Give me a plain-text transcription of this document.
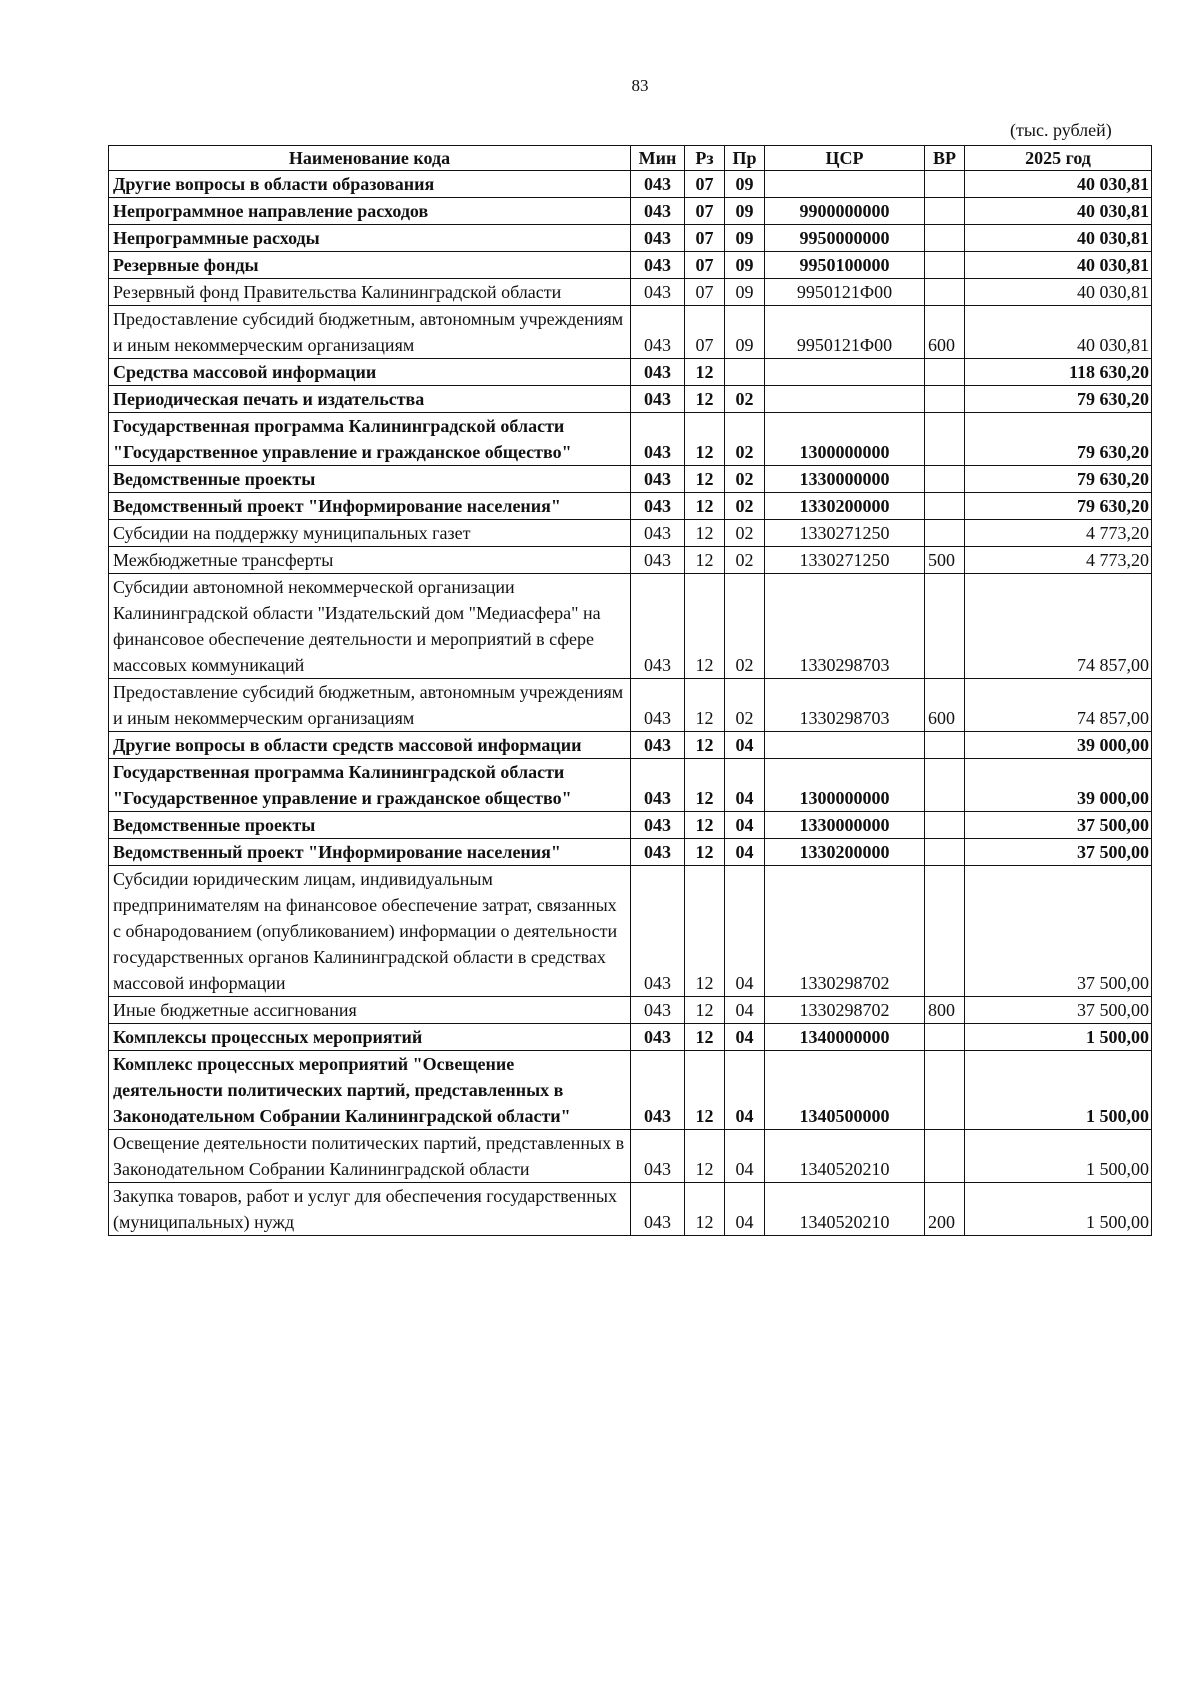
83
(тыс. рублей)
Наименование кода	Мин	Рз	Пр	ЦСР	ВР	2025 год
Другие вопросы в области образования	043	07	09			40 030,81
Непрограммное направление расходов	043	07	09	9900000000		40 030,81
Непрограммные расходы	043	07	09	9950000000		40 030,81
Резервные фонды	043	07	09	9950100000		40 030,81
Резервный фонд Правительства Калининградской области	043	07	09	9950121Ф00		40 030,81
Предоставление субсидий бюджетным, автономным учреждениям и иным некоммерческим организациям	043	07	09	9950121Ф00	600	40 030,81
Средства массовой информации	043	12				118 630,20
Периодическая печать и издательства	043	12	02			79 630,20
Государственная программа Калининградской области "Государственное управление и гражданское общество"	043	12	02	1300000000		79 630,20
Ведомственные проекты	043	12	02	1330000000		79 630,20
Ведомственный проект "Информирование населения"	043	12	02	1330200000		79 630,20
Субсидии на поддержку муниципальных газет	043	12	02	1330271250		4 773,20
Межбюджетные трансферты	043	12	02	1330271250	500	4 773,20
Субсидии автономной некоммерческой организации Калининградской области "Издательский дом "Медиасфера" на финансовое обеспечение деятельности и мероприятий в сфере массовых коммуникаций	043	12	02	1330298703		74 857,00
Предоставление субсидий бюджетным, автономным учреждениям и иным некоммерческим организациям	043	12	02	1330298703	600	74 857,00
Другие вопросы в области средств массовой информации	043	12	04			39 000,00
Государственная программа Калининградской области "Государственное управление и гражданское общество"	043	12	04	1300000000		39 000,00
Ведомственные проекты	043	12	04	1330000000		37 500,00
Ведомственный проект "Информирование населения"	043	12	04	1330200000		37 500,00
Субсидии юридическим лицам, индивидуальным предпринимателям на финансовое обеспечение затрат, связанных с обнародованием (опубликованием) информации о деятельности государственных органов Калининградской области в средствах массовой информации	043	12	04	1330298702		37 500,00
Иные бюджетные ассигнования	043	12	04	1330298702	800	37 500,00
Комплексы процессных мероприятий	043	12	04	1340000000		1 500,00
Комплекс процессных мероприятий "Освещение деятельности политических партий, представленных в Законодательном Собрании Калининградской области"	043	12	04	1340500000		1 500,00
Освещение деятельности политических партий, представленных в Законодательном Собрании Калининградской области	043	12	04	1340520210		1 500,00
Закупка товаров, работ и услуг для обеспечения государственных (муниципальных) нужд	043	12	04	1340520210	200	1 500,00
